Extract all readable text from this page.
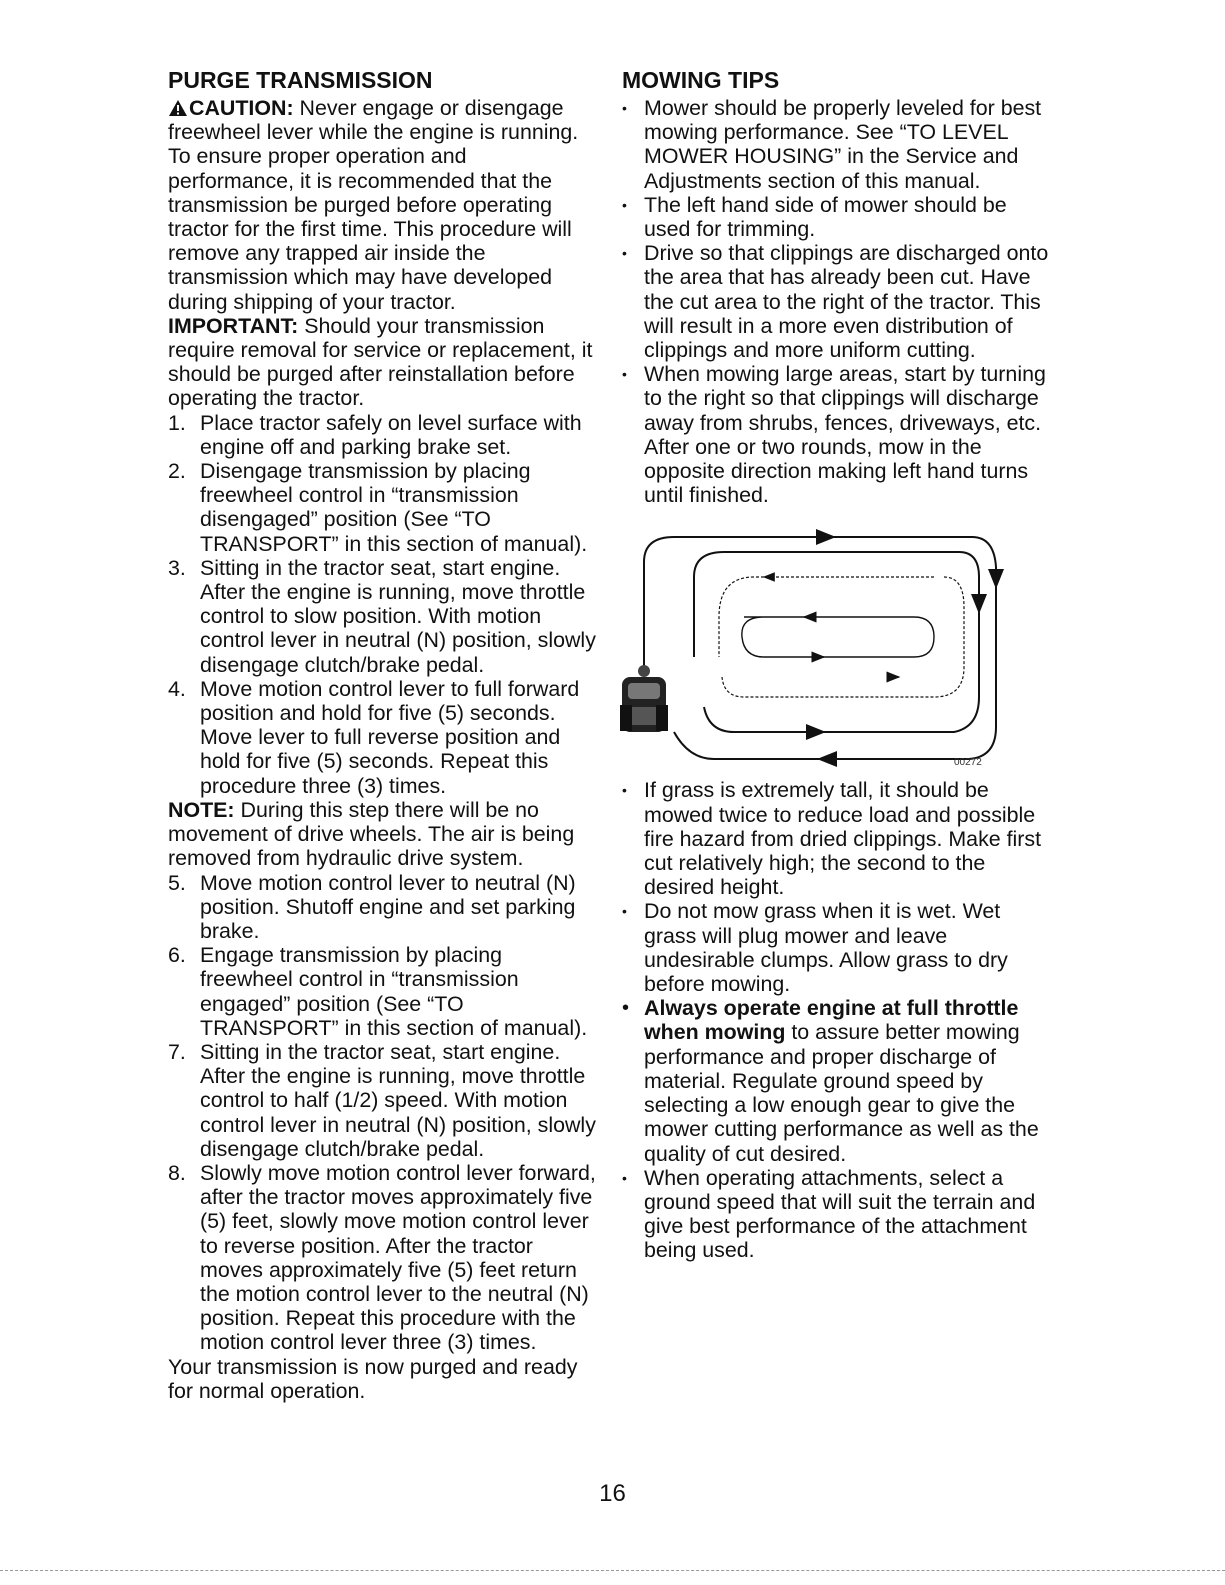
PURGE TRANSMISSION

CAUTION: Never engage or disengage freewheel lever while the engine is running.

To ensure proper operation and performance, it is recommended that the transmission be purged before operating tractor for the first time. This procedure will remove any trapped air inside the transmission which may have developed during shipping of your tractor.

IMPORTANT: Should your transmission require removal for service or replacement, it should be purged after reinstallation before operating the tractor.

1. Place tractor safely on level surface with engine off and parking brake set.
2. Disengage transmission by placing freewheel control in “transmission disengaged” position (See “TO TRANSPORT” in this section of manual).
3. Sitting in the tractor seat, start engine. After the engine is running, move throttle control to slow position. With motion control lever in neutral (N) position, slowly disengage clutch/brake pedal.
4. Move motion control lever to full forward position and hold for five (5) seconds. Move lever to full reverse position and hold for five (5) seconds. Repeat this procedure three (3) times.

NOTE: During this step there will be no movement of drive wheels. The air is being removed from hydraulic drive system.

5. Move motion control lever to neutral (N) position. Shutoff engine and set parking brake.
6. Engage transmission by placing freewheel control in “transmission engaged” position (See “TO TRANSPORT” in this section of manual).
7. Sitting in the tractor seat, start engine. After the engine is running, move throttle control to half (1/2) speed. With motion control lever in neutral (N) position, slowly disengage clutch/brake pedal.
8. Slowly move motion control lever forward, after the tractor moves approximately five (5) feet, slowly move motion control lever to reverse position. After the tractor moves approximately five (5) feet return the motion control lever to the neutral (N) position. Repeat this procedure with the motion control lever three (3) times.

Your transmission is now purged and ready for normal operation.

MOWING TIPS
• Mower should be properly leveled for best mowing performance. See “TO LEVEL MOWER HOUSING” in the Service and Adjustments section of this manual.
• The left hand side of mower should be used for trimming.
• Drive so that clippings are discharged onto the area that has already been cut. Have the cut area to the right of the tractor. This will result in a more even distribution of clippings and more uniform cutting.
• When mowing large areas, start by turning to the right so that clippings will discharge away from shrubs, fences, driveways, etc. After one or two rounds, mow in the opposite direction making left hand turns until finished.
00272
• If grass is extremely tall, it should be mowed twice to reduce load and possible fire hazard from dried clippings. Make first cut relatively high; the second to the desired height.
• Do not mow grass when it is wet. Wet grass will plug mower and leave undesirable clumps. Allow grass to dry before mowing.
• Always operate engine at full throttle when mowing to assure better mowing performance and proper discharge of material. Regulate ground speed by selecting a low enough gear to give the mower cutting performance as well as the quality of cut desired.
• When operating attachments, select a ground speed that will suit the terrain and give best performance of the attachment being used.
16
